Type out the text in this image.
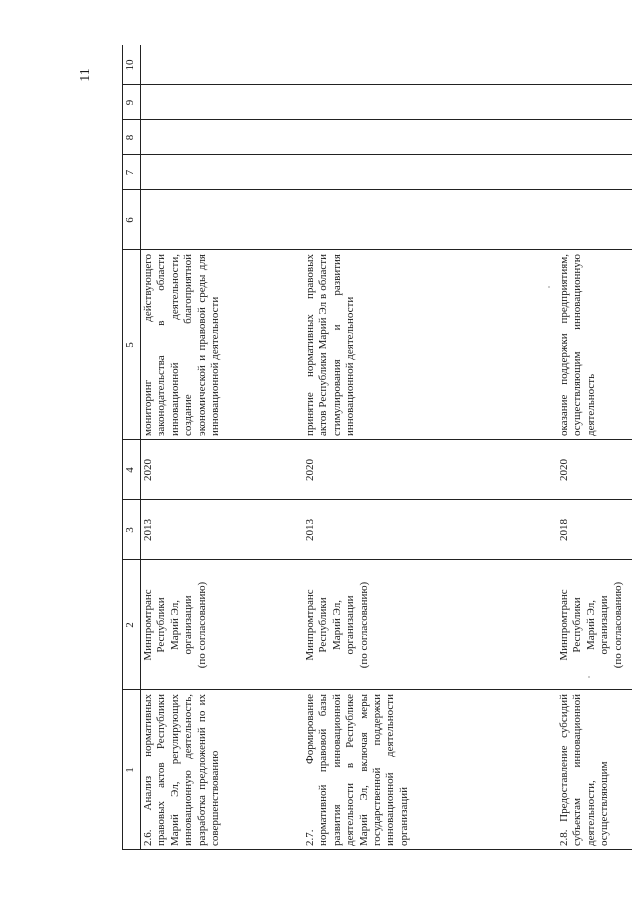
11
1
2
3
4
5
6
7
8
9
10
2.6. Анализ нормативных правовых актов Республики Марий Эл, регулирующих инновационную деятельность, разработка предложений по их совершенствованию
Минпромтранс
Республики
Марий Эл,
организации
(по согласованию)
2013
2020
мониторинг действующего законодательства в области инновационной деятельности, создание благоприятной экономической и правовой среды для инновационной деятельности
2.7. Формирование нормативной правовой базы развития инновационной деятельности в Республике Марий Эл, включая меры государственной поддержки инновационной деятельности организаций
Минпромтранс
Республики
Марий Эл,
организации
(по согласованию)
2013
2020
принятие нормативных правовых актов Республики Марий Эл в области стимулирования и развития инновационной деятельности
2.8. Предоставление субсидий субъектам инновационной деятельности, осуществляющим
Минпромтранс
Республики
Марий Эл,
организации
(по согласованию)
2018
2020
оказание поддержки предприятиям, осуществляющим инновационную деятельность
